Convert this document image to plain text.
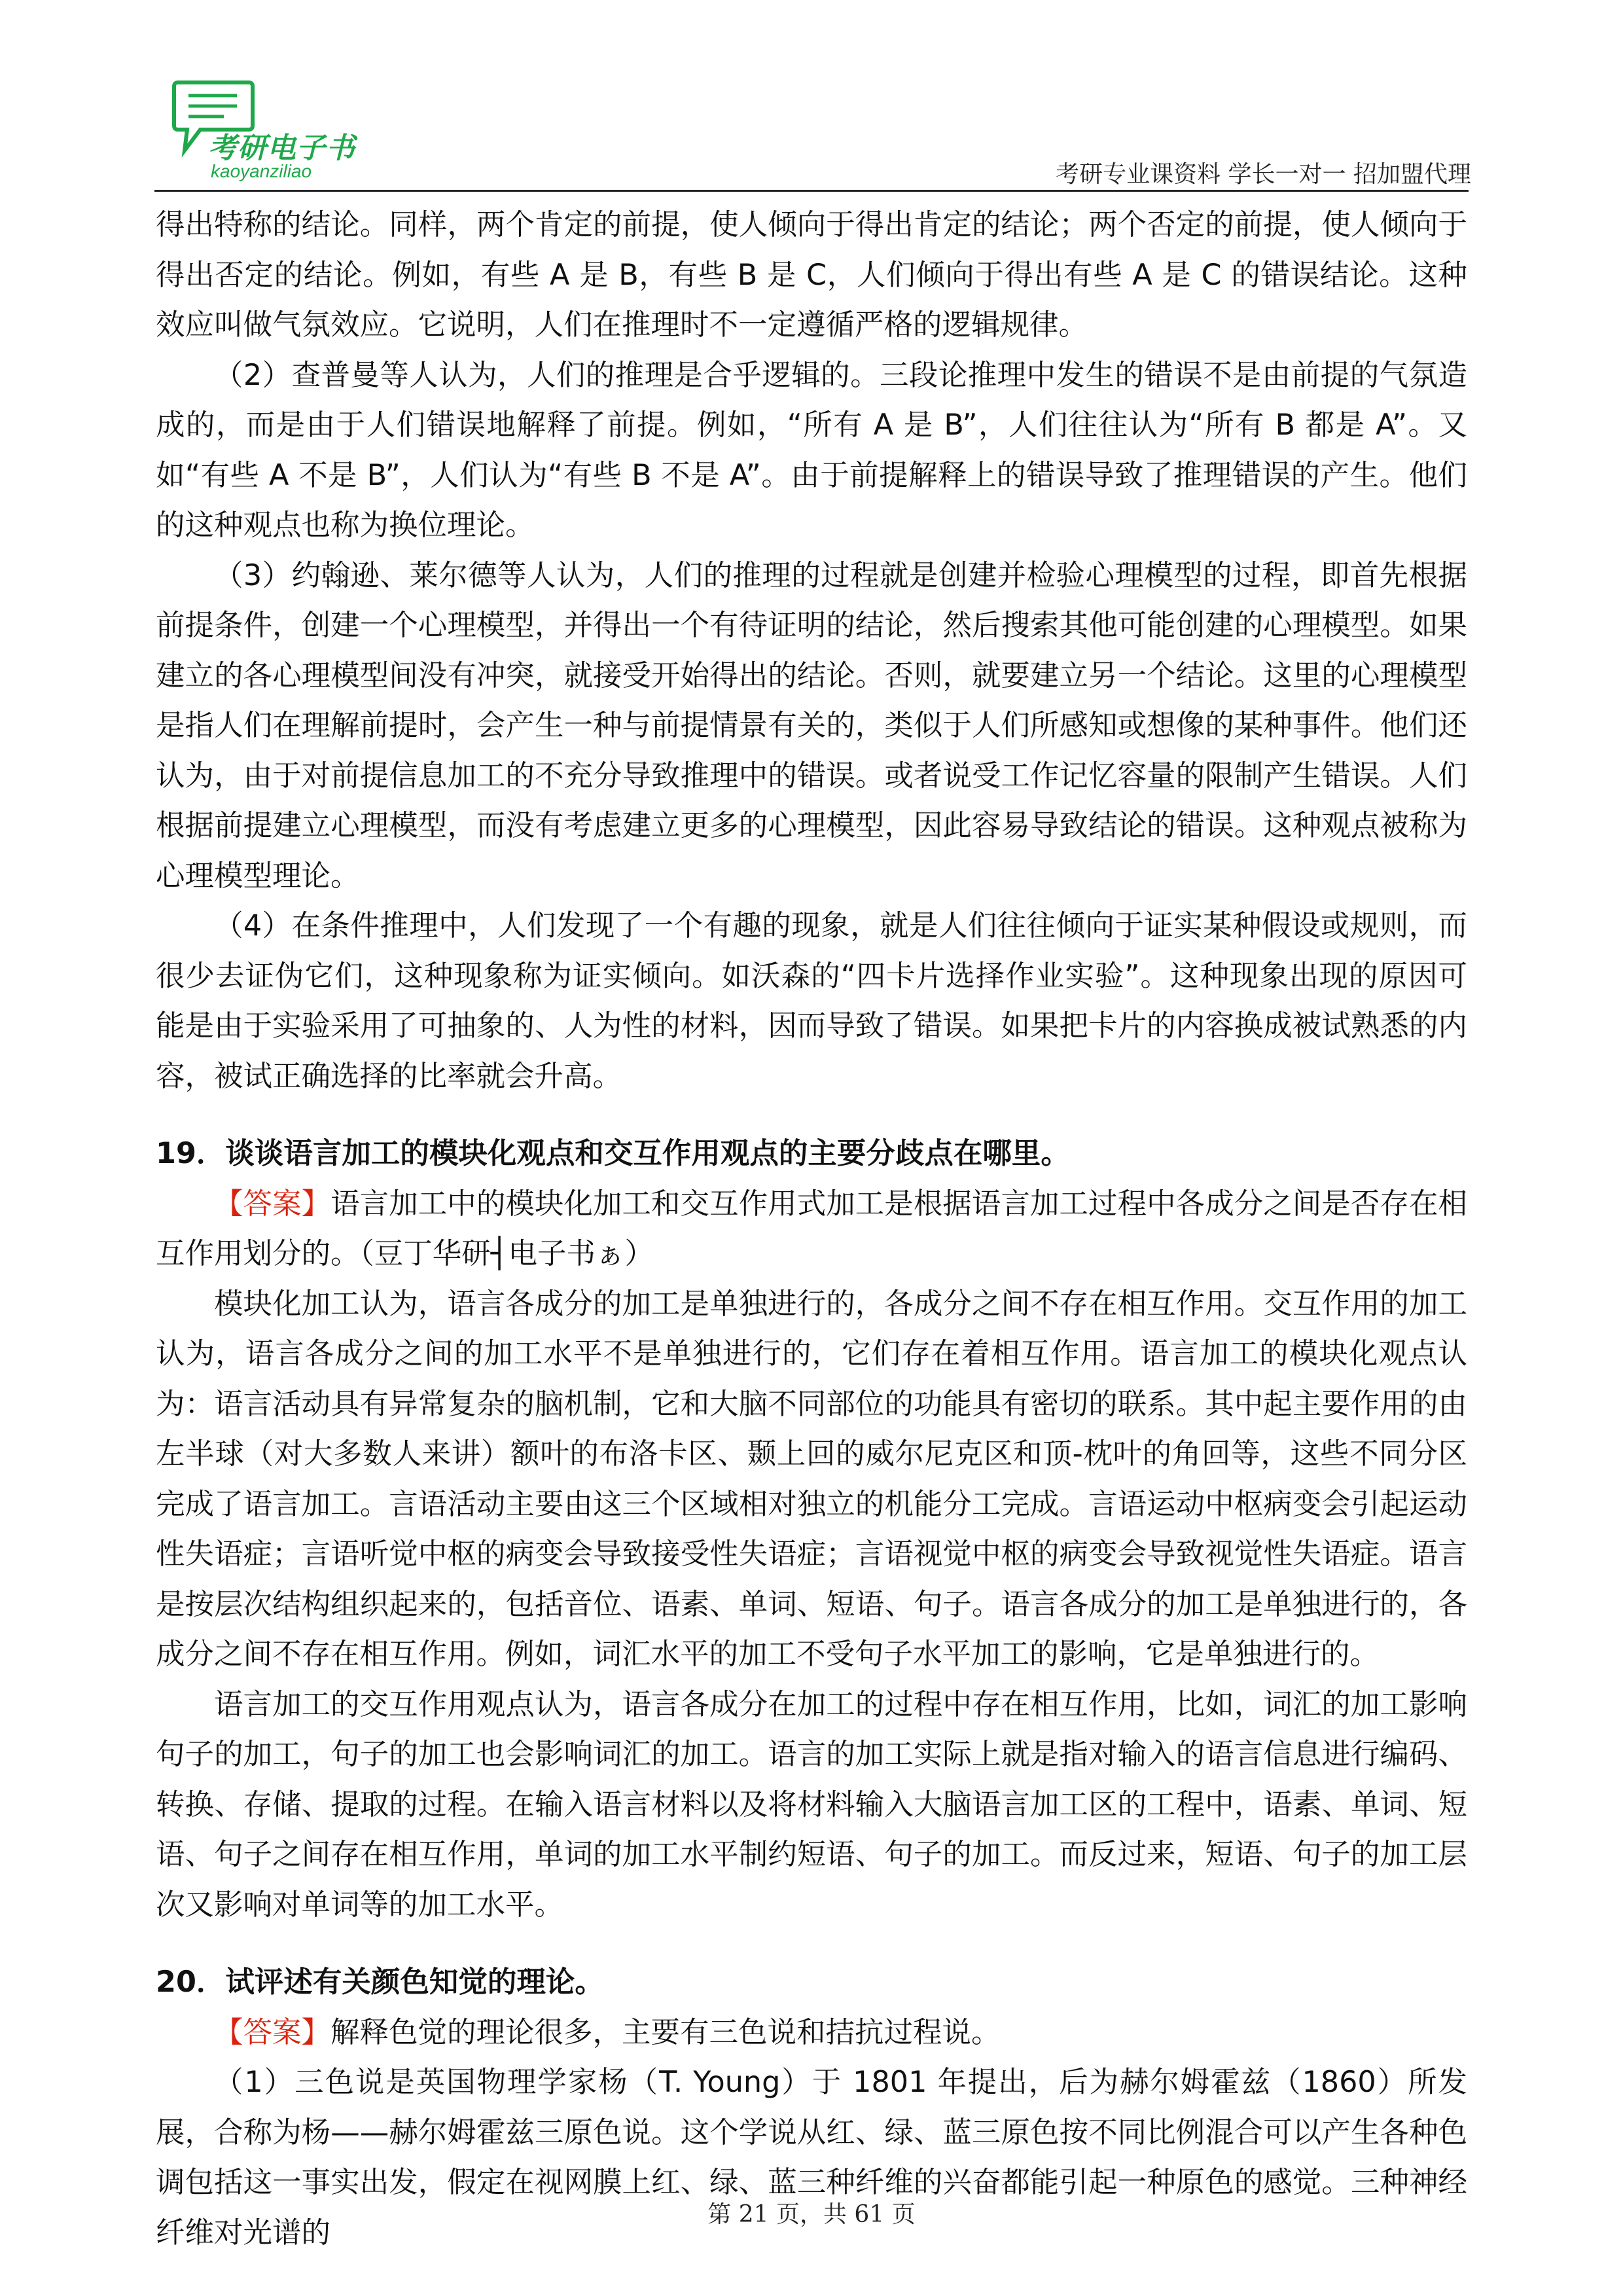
考研电子书
kaoyanziliao	考研专业课资料 学长一对一 招加盟代理

得出特称的结论。同样，两个肯定的前提，使人倾向于得出肯定的结论；两个否定的前提，使人倾向于得出否定的结论。例如，有些 A 是 B，有些 B 是 C，人们倾向于得出有些 A 是 C 的错误结论。这种效应叫做气氛效应。它说明，人们在推理时不一定遵循严格的逻辑规律。

（2）查普曼等人认为，人们的推理是合乎逻辑的。三段论推理中发生的错误不是由前提的气氛造成的，而是由于人们错误地解释了前提。例如，“所有 A 是 B”，人们往往认为“所有 B 都是 A”。又如“有些 A 不是 B”，人们认为“有些 B 不是 A”。由于前提解释上的错误导致了推理错误的产生。他们的这种观点也称为换位理论。

（3）约翰逊、莱尔德等人认为，人们的推理的过程就是创建并检验心理模型的过程，即首先根据前提条件，创建一个心理模型，并得出一个有待证明的结论，然后搜索其他可能创建的心理模型。如果建立的各心理模型间没有冲突，就接受开始得出的结论。否则，就要建立另一个结论。这里的心理模型是指人们在理解前提时，会产生一种与前提情景有关的，类似于人们所感知或想像的某种事件。他们还认为，由于对前提信息加工的不充分导致推理中的错误。或者说受工作记忆容量的限制产生错误。人们根据前提建立心理模型，而没有考虑建立更多的心理模型，因此容易导致结论的错误。这种观点被称为心理模型理论。

（4）在条件推理中，人们发现了一个有趣的现象，就是人们往往倾向于证实某种假设或规则，而很少去证伪它们，这种现象称为证实倾向。如沃森的“四卡片选择作业实验”。这种现象出现的原因可能是由于实验采用了可抽象的、人为性的材料，因而导致了错误。如果把卡片的内容换成被试熟悉的内容，被试正确选择的比率就会升高。

19．谈谈语言加工的模块化观点和交互作用观点的主要分歧点在哪里。

【答案】语言加工中的模块化加工和交互作用式加工是根据语言加工过程中各成分之间是否存在相互作用划分的。（豆丁华研┤电子书ぁ）

模块化加工认为，语言各成分的加工是单独进行的，各成分之间不存在相互作用。交互作用的加工认为，语言各成分之间的加工水平不是单独进行的，它们存在着相互作用。语言加工的模块化观点认为：语言活动具有异常复杂的脑机制，它和大脑不同部位的功能具有密切的联系。其中起主要作用的由左半球（对大多数人来讲）额叶的布洛卡区、颞上回的威尔尼克区和顶-枕叶的角回等，这些不同分区完成了语言加工。言语活动主要由这三个区域相对独立的机能分工完成。言语运动中枢病变会引起运动性失语症；言语听觉中枢的病变会导致接受性失语症；言语视觉中枢的病变会导致视觉性失语症。语言是按层次结构组织起来的，包括音位、语素、单词、短语、句子。语言各成分的加工是单独进行的，各成分之间不存在相互作用。例如，词汇水平的加工不受句子水平加工的影响，它是单独进行的。

语言加工的交互作用观点认为，语言各成分在加工的过程中存在相互作用，比如，词汇的加工影响句子的加工，句子的加工也会影响词汇的加工。语言的加工实际上就是指对输入的语言信息进行编码、转换、存储、提取的过程。在输入语言材料以及将材料输入大脑语言加工区的工程中，语素、单词、短语、句子之间存在相互作用，单词的加工水平制约短语、句子的加工。而反过来，短语、句子的加工层次又影响对单词等的加工水平。

20．试评述有关颜色知觉的理论。

【答案】解释色觉的理论很多，主要有三色说和拮抗过程说。

（1）三色说是英国物理学家杨（T. Young）于 1801 年提出，后为赫尔姆霍兹（1860）所发展，合称为杨——赫尔姆霍兹三原色说。这个学说从红、绿、蓝三原色按不同比例混合可以产生各种色调包括这一事实出发，假定在视网膜上红、绿、蓝三种纤维的兴奋都能引起一种原色的感觉。三种神经纤维对光谱的

第 21 页，共 61 页
